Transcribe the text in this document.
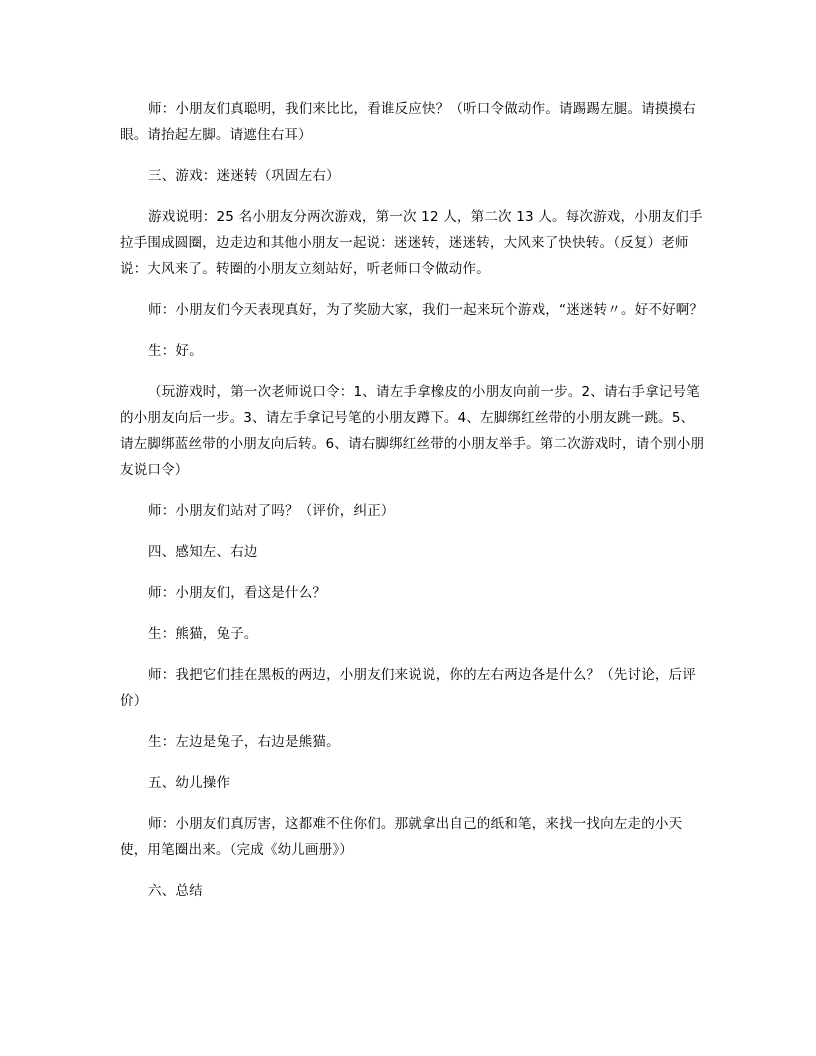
师：小朋友们真聪明，我们来比比，看谁反应快？（听口令做动作。请踢踢左腿。请摸摸右眼。请抬起左脚。请遮住右耳）

三、游戏：迷迷转（巩固左右）

游戏说明：25 名小朋友分两次游戏，第一次 12 人，第二次 13 人。每次游戏，小朋友们手拉手围成圆圈，边走边和其他小朋友一起说：迷迷转，迷迷转，大风来了快快转。（反复）老师说：大风来了。转圈的小朋友立刻站好，听老师口令做动作。

师：小朋友们今天表现真好，为了奖励大家，我们一起来玩个游戏，“迷迷转〃。好不好啊？

生：好。

（玩游戏时，第一次老师说口令：1、请左手拿橡皮的小朋友向前一步。2、请右手拿记号笔的小朋友向后一步。3、请左手拿记号笔的小朋友蹲下。4、左脚绑红丝带的小朋友跳一跳。5、请左脚绑蓝丝带的小朋友向后转。6、请右脚绑红丝带的小朋友举手。第二次游戏时，请个别小朋友说口令）

师：小朋友们站对了吗？（评价，纠正）

四、感知左、右边

师：小朋友们，看这是什么？

生：熊猫，兔子。

师：我把它们挂在黑板的两边，小朋友们来说说，你的左右两边各是什么？（先讨论，后评价）

生：左边是兔子，右边是熊猫。

五、幼儿操作

师：小朋友们真厉害，这都难不住你们。那就拿出自己的纸和笔，来找一找向左走的小天使，用笔圈出来。（完成《幼儿画册》）

六、总结
